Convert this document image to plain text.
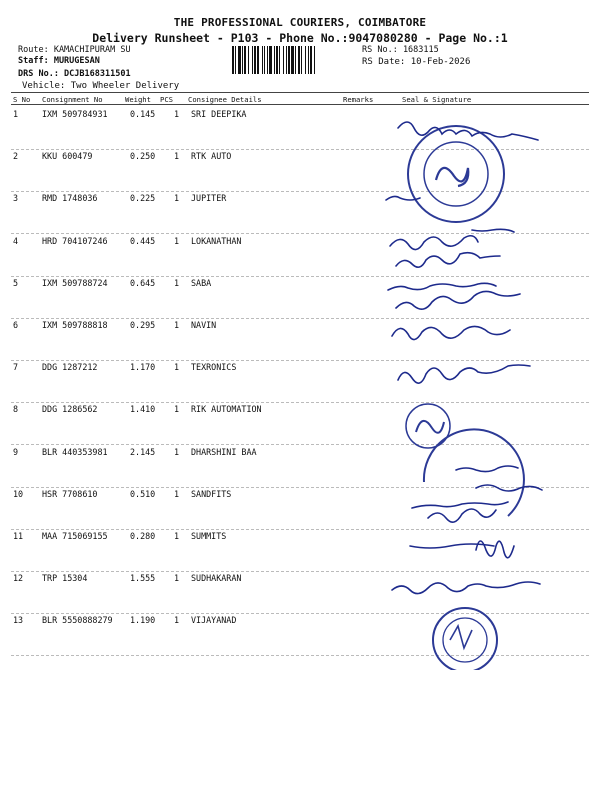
THE PROFESSIONAL COURIERS, COIMBATORE
Delivery Runsheet - P103 - Phone No.:9047080280 - Page No.:1
Route: KAMACHIPURAM SU
Staff: MURUGESAN
DRS No.: DCJB168311501
Vehicle: Two Wheeler Delivery
RS No.: 1683115
RS Date: 10-Feb-2026
S No Consignment No	Weight PCS Consignee Details	Remarks	Seal & Signature
1	IXM 509784931	0.145 1 SRI DEEPIKA
2	KKU 600479	0.250 1 RTK AUTO
3	RMD 1748036	0.225 1 JUPITER
4	HRD 704107246	0.445 1 LOKANATHAN
5	IXM 509788724	0.645 1 SABA
6	IXM 509788818	0.295 1 NAVIN
7	DDG 1287212	1.170 1 TEXRONICS
8	DDG 1286562	1.410 1 RIK AUTOMATION
9	BLR 440353981	2.145 1 DHARSHINI BAA
10 HSR 7708610	0.510 1 SANDFITS
11 MAA 715069155	0.280 1 SUMMITS
12 TRP 15304	1.555 1 SUDHAKARAN
13 BLR 5550888279 1.190 1 VIJAYANAD
